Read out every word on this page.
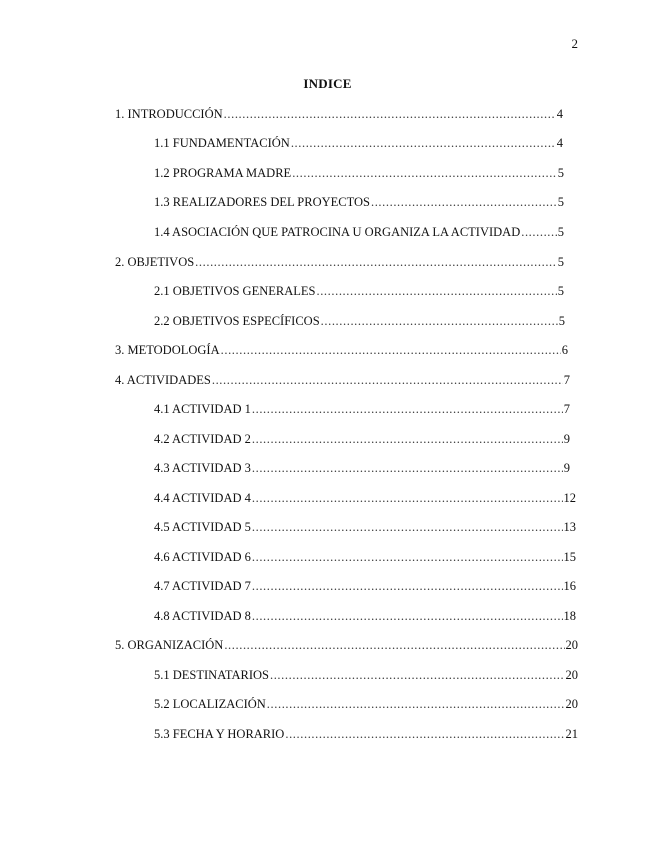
2
INDICE
1. INTRODUCCIÓN .....	4
1.1 FUNDAMENTACIÓN .....	4
1.2 PROGRAMA MADRE .....	5
1.3 REALIZADORES DEL PROYECTOS .....	5
1.4 ASOCIACIÓN QUE PATROCINA U ORGANIZA LA ACTIVIDAD .....	5
2. OBJETIVOS .....	5
2.1 OBJETIVOS GENERALES .....	5
2.2 OBJETIVOS ESPECÍFICOS .....	5
3. METODOLOGÍA .....	6
4. ACTIVIDADES .....	7
4.1 ACTIVIDAD 1 .....	7
4.2 ACTIVIDAD 2 .....	9
4.3 ACTIVIDAD 3 .....	9
4.4 ACTIVIDAD 4 .....	12
4.5 ACTIVIDAD 5 .....	13
4.6 ACTIVIDAD 6 .....	15
4.7 ACTIVIDAD 7 .....	16
4.8 ACTIVIDAD 8 .....	18
5. ORGANIZACIÓN .....	20
5.1 DESTINATARIOS .....	20
5.2 LOCALIZACIÓN .....	20
5.3 FECHA Y HORARIO .....	21
